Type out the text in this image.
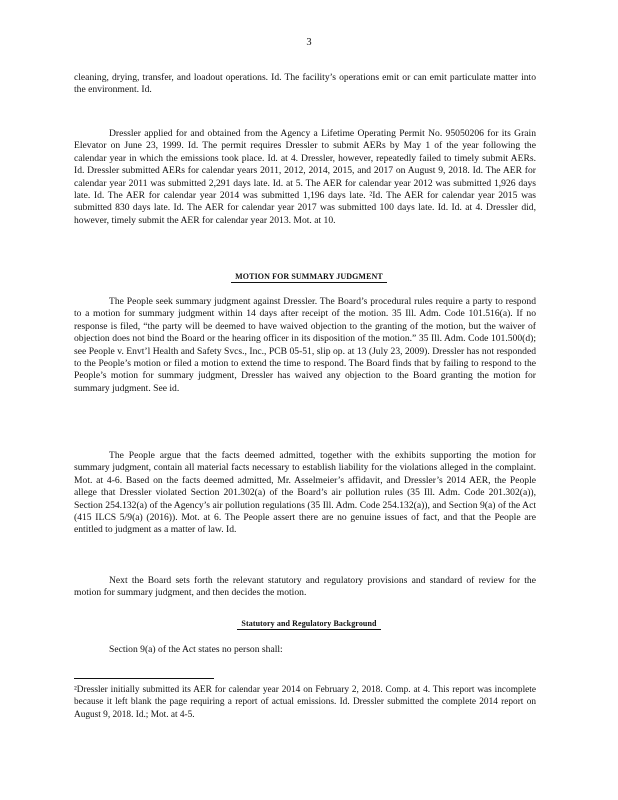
3

cleaning, drying, transfer, and loadout operations. Id. The facility’s operations emit or can emit particulate matter into the environment. Id.

Dressler applied for and obtained from the Agency a Lifetime Operating Permit No. 95050206 for its Grain Elevator on June 23, 1999. Id. The permit requires Dressler to submit AERs by May 1 of the year following the calendar year in which the emissions took place. Id. at 4. Dressler, however, repeatedly failed to timely submit AERs. Id. Dressler submitted AERs for calendar years 2011, 2012, 2014, 2015, and 2017 on August 9, 2018. Id. The AER for calendar year 2011 was submitted 2,291 days late. Id. at 5. The AER for calendar year 2012 was submitted 1,926 days late. Id. The AER for calendar year 2014 was submitted 1,196 days late. ²Id. The AER for calendar year 2015 was submitted 830 days late. Id. The AER for calendar year 2017 was submitted 100 days late. Id. Id. at 4. Dressler did, however, timely submit the AER for calendar year 2013. Mot. at 10.

MOTION FOR SUMMARY JUDGMENT

The People seek summary judgment against Dressler. The Board’s procedural rules require a party to respond to a motion for summary judgment within 14 days after receipt of the motion. 35 Ill. Adm. Code 101.516(a). If no response is filed, “the party will be deemed to have waived objection to the granting of the motion, but the waiver of objection does not bind the Board or the hearing officer in its disposition of the motion.” 35 Ill. Adm. Code 101.500(d); see People v. Envt’l Health and Safety Svcs., Inc., PCB 05-51, slip op. at 13 (July 23, 2009). Dressler has not responded to the People’s motion or filed a motion to extend the time to respond. The Board finds that by failing to respond to the People’s motion for summary judgment, Dressler has waived any objection to the Board granting the motion for summary judgment. See id.

The People argue that the facts deemed admitted, together with the exhibits supporting the motion for summary judgment, contain all material facts necessary to establish liability for the violations alleged in the complaint. Mot. at 4-6. Based on the facts deemed admitted, Mr. Asselmeier’s affidavit, and Dressler’s 2014 AER, the People allege that Dressler violated Section 201.302(a) of the Board’s air pollution rules (35 Ill. Adm. Code 201.302(a)), Section 254.132(a) of the Agency’s air pollution regulations (35 Ill. Adm. Code 254.132(a)), and Section 9(a) of the Act (415 ILCS 5/9(a) (2016)). Mot. at 6. The People assert there are no genuine issues of fact, and that the People are entitled to judgment as a matter of law. Id.

Next the Board sets forth the relevant statutory and regulatory provisions and standard of review for the motion for summary judgment, and then decides the motion.

Statutory and Regulatory Background

Section 9(a) of the Act states no person shall:

²Dressler initially submitted its AER for calendar year 2014 on February 2, 2018. Comp. at 4. This report was incomplete because it left blank the page requiring a report of actual emissions. Id. Dressler submitted the complete 2014 report on August 9, 2018. Id.; Mot. at 4-5.
